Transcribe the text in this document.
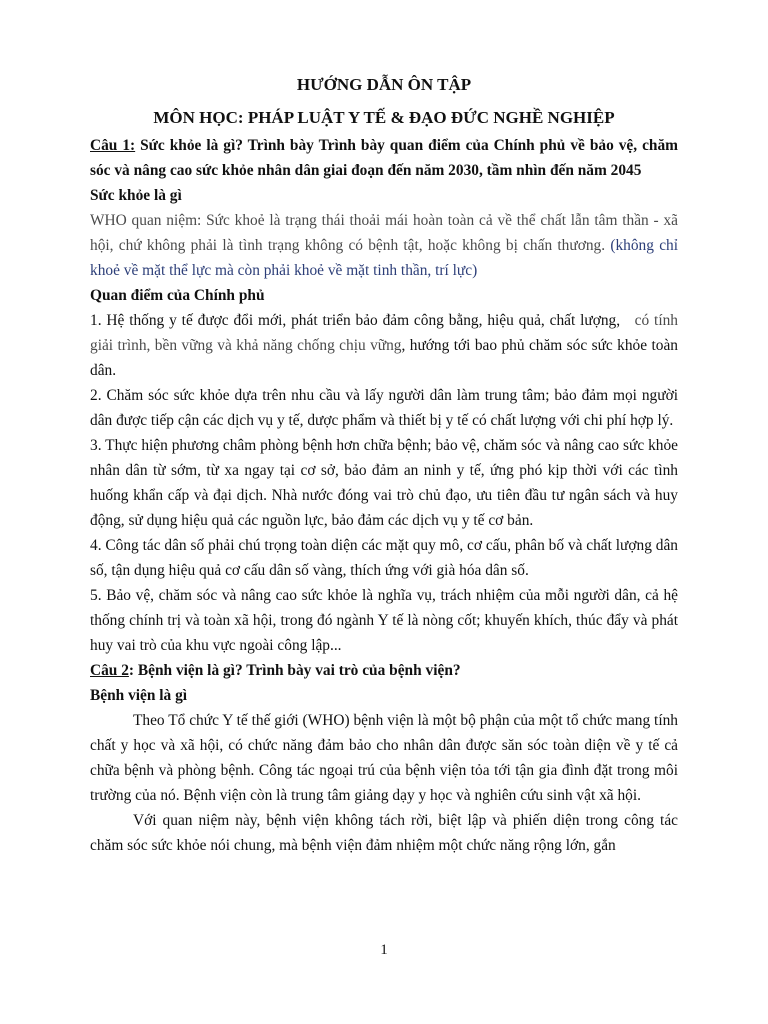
HƯỚNG DẪN ÔN TẬP
MÔN HỌC: PHÁP LUẬT Y TẾ & ĐẠO ĐỨC NGHỀ NGHIỆP

Câu 1: Sức khỏe là gì? Trình bày Trình bày quan điểm của Chính phủ về bảo vệ, chăm sóc và nâng cao sức khỏe nhân dân giai đoạn đến năm 2030, tầm nhìn đến năm 2045

Sức khỏe là gì

WHO quan niệm: Sức khoẻ là trạng thái thoải mái hoàn toàn cả về thể chất lẫn tâm thần - xã hội, chứ không phải là tình trạng không có bệnh tật, hoặc không bị chấn thương. (không chỉ khoẻ về mặt thể lực mà còn phải khoẻ về mặt tinh thần, trí lực)

Quan điểm của Chính phủ

1. Hệ thống y tế được đổi mới, phát triển bảo đảm công bằng, hiệu quả, chất lượng, có tính giải trình, bền vững và khả năng chống chịu vững, hướng tới bao phủ chăm sóc sức khỏe toàn dân.

2. Chăm sóc sức khỏe dựa trên nhu cầu và lấy người dân làm trung tâm; bảo đảm mọi người dân được tiếp cận các dịch vụ y tế, dược phẩm và thiết bị y tế có chất lượng với chi phí hợp lý.

3. Thực hiện phương châm phòng bệnh hơn chữa bệnh; bảo vệ, chăm sóc và nâng cao sức khỏe nhân dân từ sớm, từ xa ngay tại cơ sở, bảo đảm an ninh y tế, ứng phó kịp thời với các tình huống khẩn cấp và đại dịch. Nhà nước đóng vai trò chủ đạo, ưu tiên đầu tư ngân sách và huy động, sử dụng hiệu quả các nguồn lực, bảo đảm các dịch vụ y tế cơ bản.

4. Công tác dân số phải chú trọng toàn diện các mặt quy mô, cơ cấu, phân bố và chất lượng dân số, tận dụng hiệu quả cơ cấu dân số vàng, thích ứng với già hóa dân số.

5. Bảo vệ, chăm sóc và nâng cao sức khỏe là nghĩa vụ, trách nhiệm của mỗi người dân, cả hệ thống chính trị và toàn xã hội, trong đó ngành Y tế là nòng cốt; khuyến khích, thúc đẩy và phát huy vai trò của khu vực ngoài công lập...

Câu 2: Bệnh viện là gì? Trình bày vai trò của bệnh viện?

Bệnh viện là gì

Theo Tổ chức Y tế thế giới (WHO) bệnh viện là một bộ phận của một tổ chức mang tính chất y học và xã hội, có chức năng đảm bảo cho nhân dân được săn sóc toàn diện về y tế cả chữa bệnh và phòng bệnh. Công tác ngoại trú của bệnh viện tỏa tới tận gia đình đặt trong môi trường của nó. Bệnh viện còn là trung tâm giảng dạy y học và nghiên cứu sinh vật xã hội.

Với quan niệm này, bệnh viện không tách rời, biệt lập và phiến diện trong công tác chăm sóc sức khỏe nói chung, mà bệnh viện đảm nhiệm một chức năng rộng lớn, gắn

1
